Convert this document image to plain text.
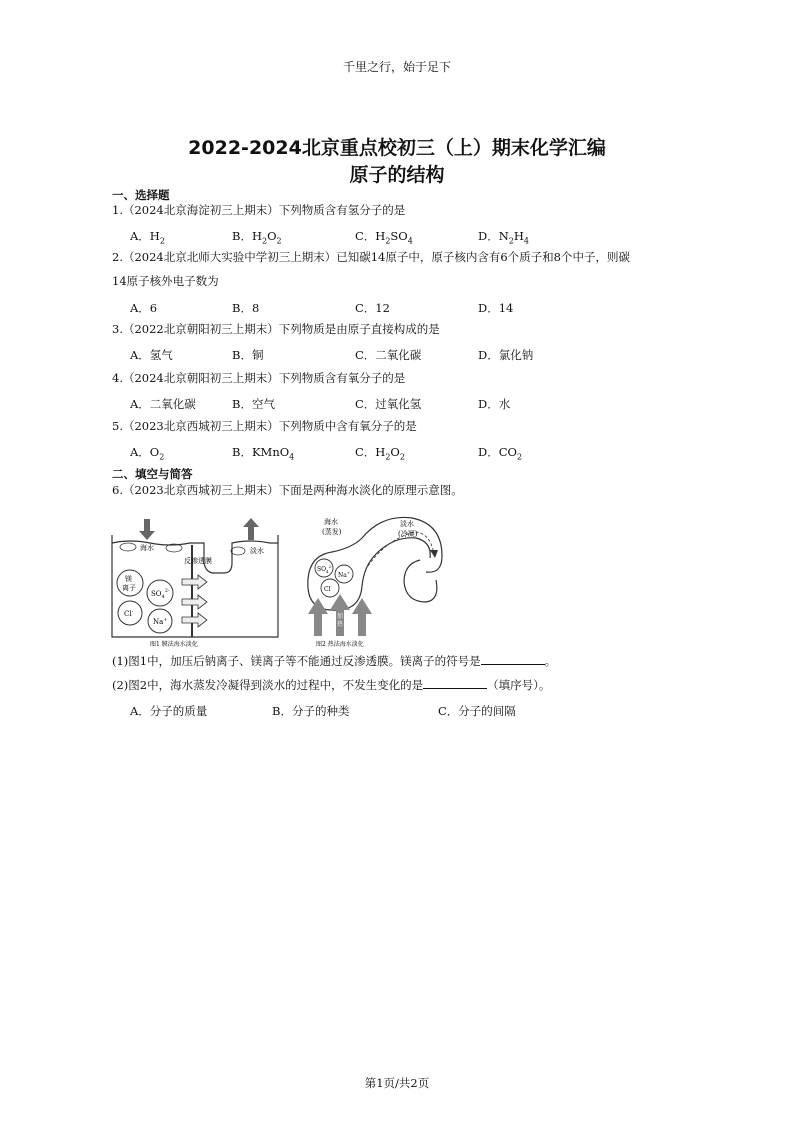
千里之行，始于足下
2022-2024北京重点校初三（上）期末化学汇编
原子的结构
一、选择题
1.（2024北京海淀初三上期末）下列物质含有氢分子的是
A．$H_2$	B．$H_2O_2$	C．$H_2SO_4$	D．$N_2H_4$
2.（2024北京北师大实验中学初三上期末）已知碳14原子中，原子核内含有6个质子和8个中子，则碳
14原子核外电子数为
A．6	B．8	C．12	D．14
3.（2022北京朝阳初三上期末）下列物质是由原子直接构成的是
A．氢气	B．铜	C．二氧化碳	D．氯化钠
4.（2024北京朝阳初三上期末）下列物质含有氧分子的是
A．二氧化碳	B．空气	C．过氧化氢	D．水
5.（2023北京西城初三上期末）下列物质中含有氧分子的是
A．$O_2$	B．KMnO$_4$	C．$H_2O_2$	D．$CO_2$
二、填空与简答
6.（2023北京西城初三上期末）下面是两种海水淡化的原理示意图。
海水	淡水
反渗透膜
镁
离子
$SO_4^{2-}$
Cl-
Na+
图1 膜法海水淡化
海水
(蒸发)
淡水
(冷凝)
$SO_4^{2-}$
Na+
Cl-
加
热
图2 热法海水淡化
(1)图1中，加压后钠离子、镁离子等不能通过反渗透膜。镁离子的符号是	。
(2)图2中，海水蒸发冷凝得到淡水的过程中，不发生变化的是	（填序号）。
A．分子的质量	B．分子的种类	C．分子的间隔
第1页/共2页
